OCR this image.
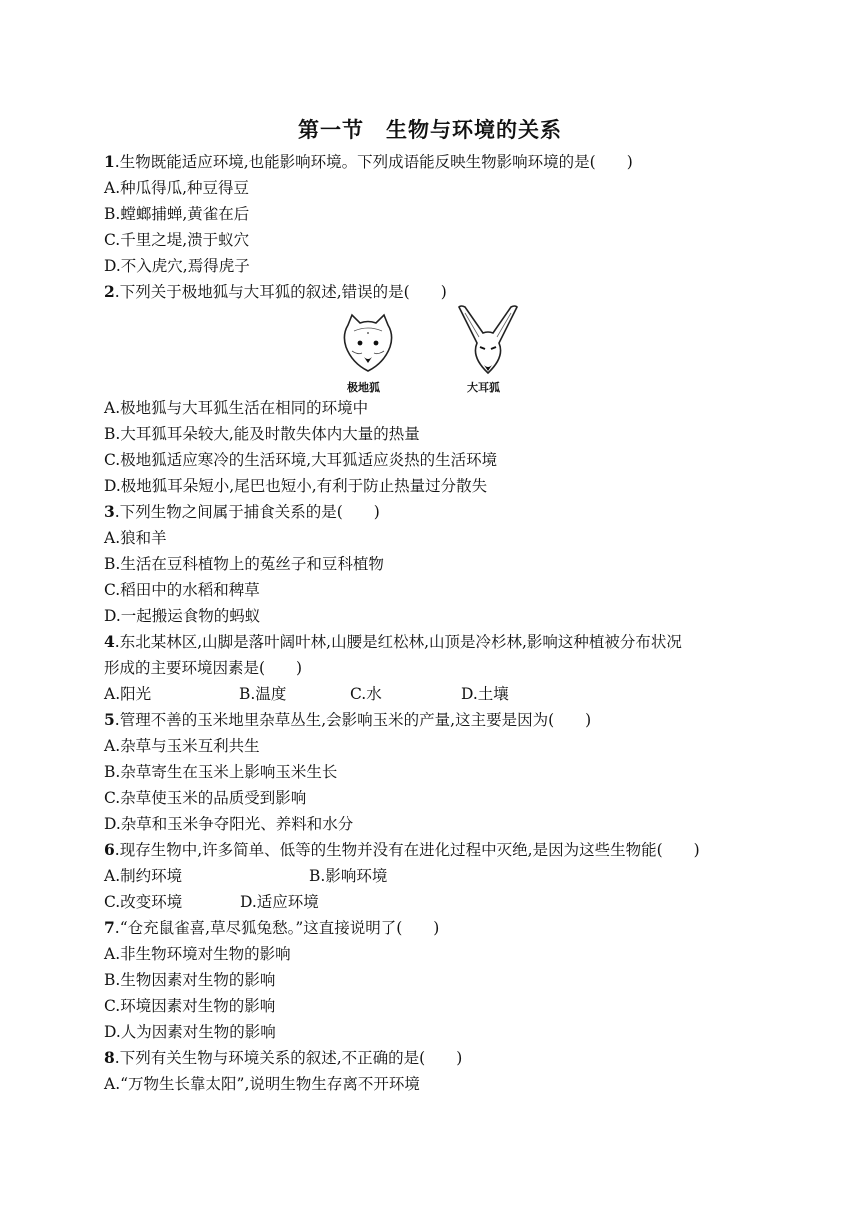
第一节　生物与环境的关系
1.生物既能适应环境,也能影响环境。下列成语能反映生物影响环境的是(　　)
A.种瓜得瓜,种豆得豆
B.螳螂捕蝉,黄雀在后
C.千里之堤,溃于蚁穴
D.不入虎穴,焉得虎子
2.下列关于极地狐与大耳狐的叙述,错误的是(　　)
极地狐	大耳狐
A.极地狐与大耳狐生活在相同的环境中
B.大耳狐耳朵较大,能及时散失体内大量的热量
C.极地狐适应寒冷的生活环境,大耳狐适应炎热的生活环境
D.极地狐耳朵短小,尾巴也短小,有利于防止热量过分散失
3.下列生物之间属于捕食关系的是(　　)
A.狼和羊
B.生活在豆科植物上的菟丝子和豆科植物
C.稻田中的水稻和稗草
D.一起搬运食物的蚂蚁
4.东北某林区,山脚是落叶阔叶林,山腰是红松林,山顶是冷杉林,影响这种植被分布状况
形成的主要环境因素是(　　)
A.阳光	B.温度	C.水	D.土壤
5.管理不善的玉米地里杂草丛生,会影响玉米的产量,这主要是因为(　　)
A.杂草与玉米互利共生
B.杂草寄生在玉米上影响玉米生长
C.杂草使玉米的品质受到影响
D.杂草和玉米争夺阳光、养料和水分
6.现存生物中,许多简单、低等的生物并没有在进化过程中灭绝,是因为这些生物能(　　)
A.制约环境	B.影响环境
C.改变环境	D.适应环境
7.“仓充鼠雀喜,草尽狐兔愁。”这直接说明了(　　)
A.非生物环境对生物的影响
B.生物因素对生物的影响
C.环境因素对生物的影响
D.人为因素对生物的影响
8.下列有关生物与环境关系的叙述,不正确的是(　　)
A.“万物生长靠太阳”,说明生物生存离不开环境
